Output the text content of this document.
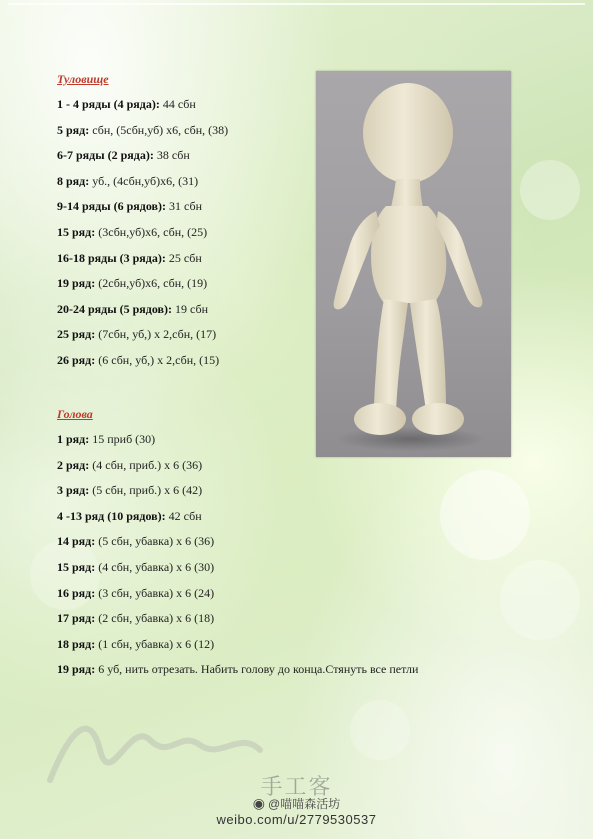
Туловище
1 - 4 ряды (4 ряда): 44 сбн
5 ряд: сбн, (5сбн,уб) х6, сбн, (38)
6-7 ряды (2 ряда): 38 сбн
8 ряд: уб., (4сбн,уб)х6, (31)
9-14 ряды (6 рядов): 31 сбн
15 ряд: (3сбн,уб)х6, сбн, (25)
16-18 ряды (3 ряда): 25 сбн
19 ряд: (2сбн,уб)х6, сбн, (19)
20-24 ряды (5 рядов): 19 сбн
25 ряд: (7сбн, уб,) х 2,сбн, (17)
26 ряд: (6 сбн, уб,) х 2,сбн, (15)
Голова
1 ряд: 15 приб (30)
2 ряд: (4 сбн, приб.) х 6 (36)
3 ряд: (5 сбн, приб.) х 6 (42)
4 -13 ряд (10 рядов): 42 сбн
14 ряд: (5 сбн, убавка) х 6 (36)
15 ряд: (4 сбн, убавка) х 6 (30)
16 ряд: (3 сбн, убавка) х 6 (24)
17 ряд: (2 сбн, убавка) х 6 (18)
18 ряд: (1 сбн, убавка) х 6 (12)
19 ряд: 6 уб, нить отрезать. Набить голову до конца.Стянуть все петли
手工客
◉ @喵喵森活坊
weibo.com/u/2779530537
